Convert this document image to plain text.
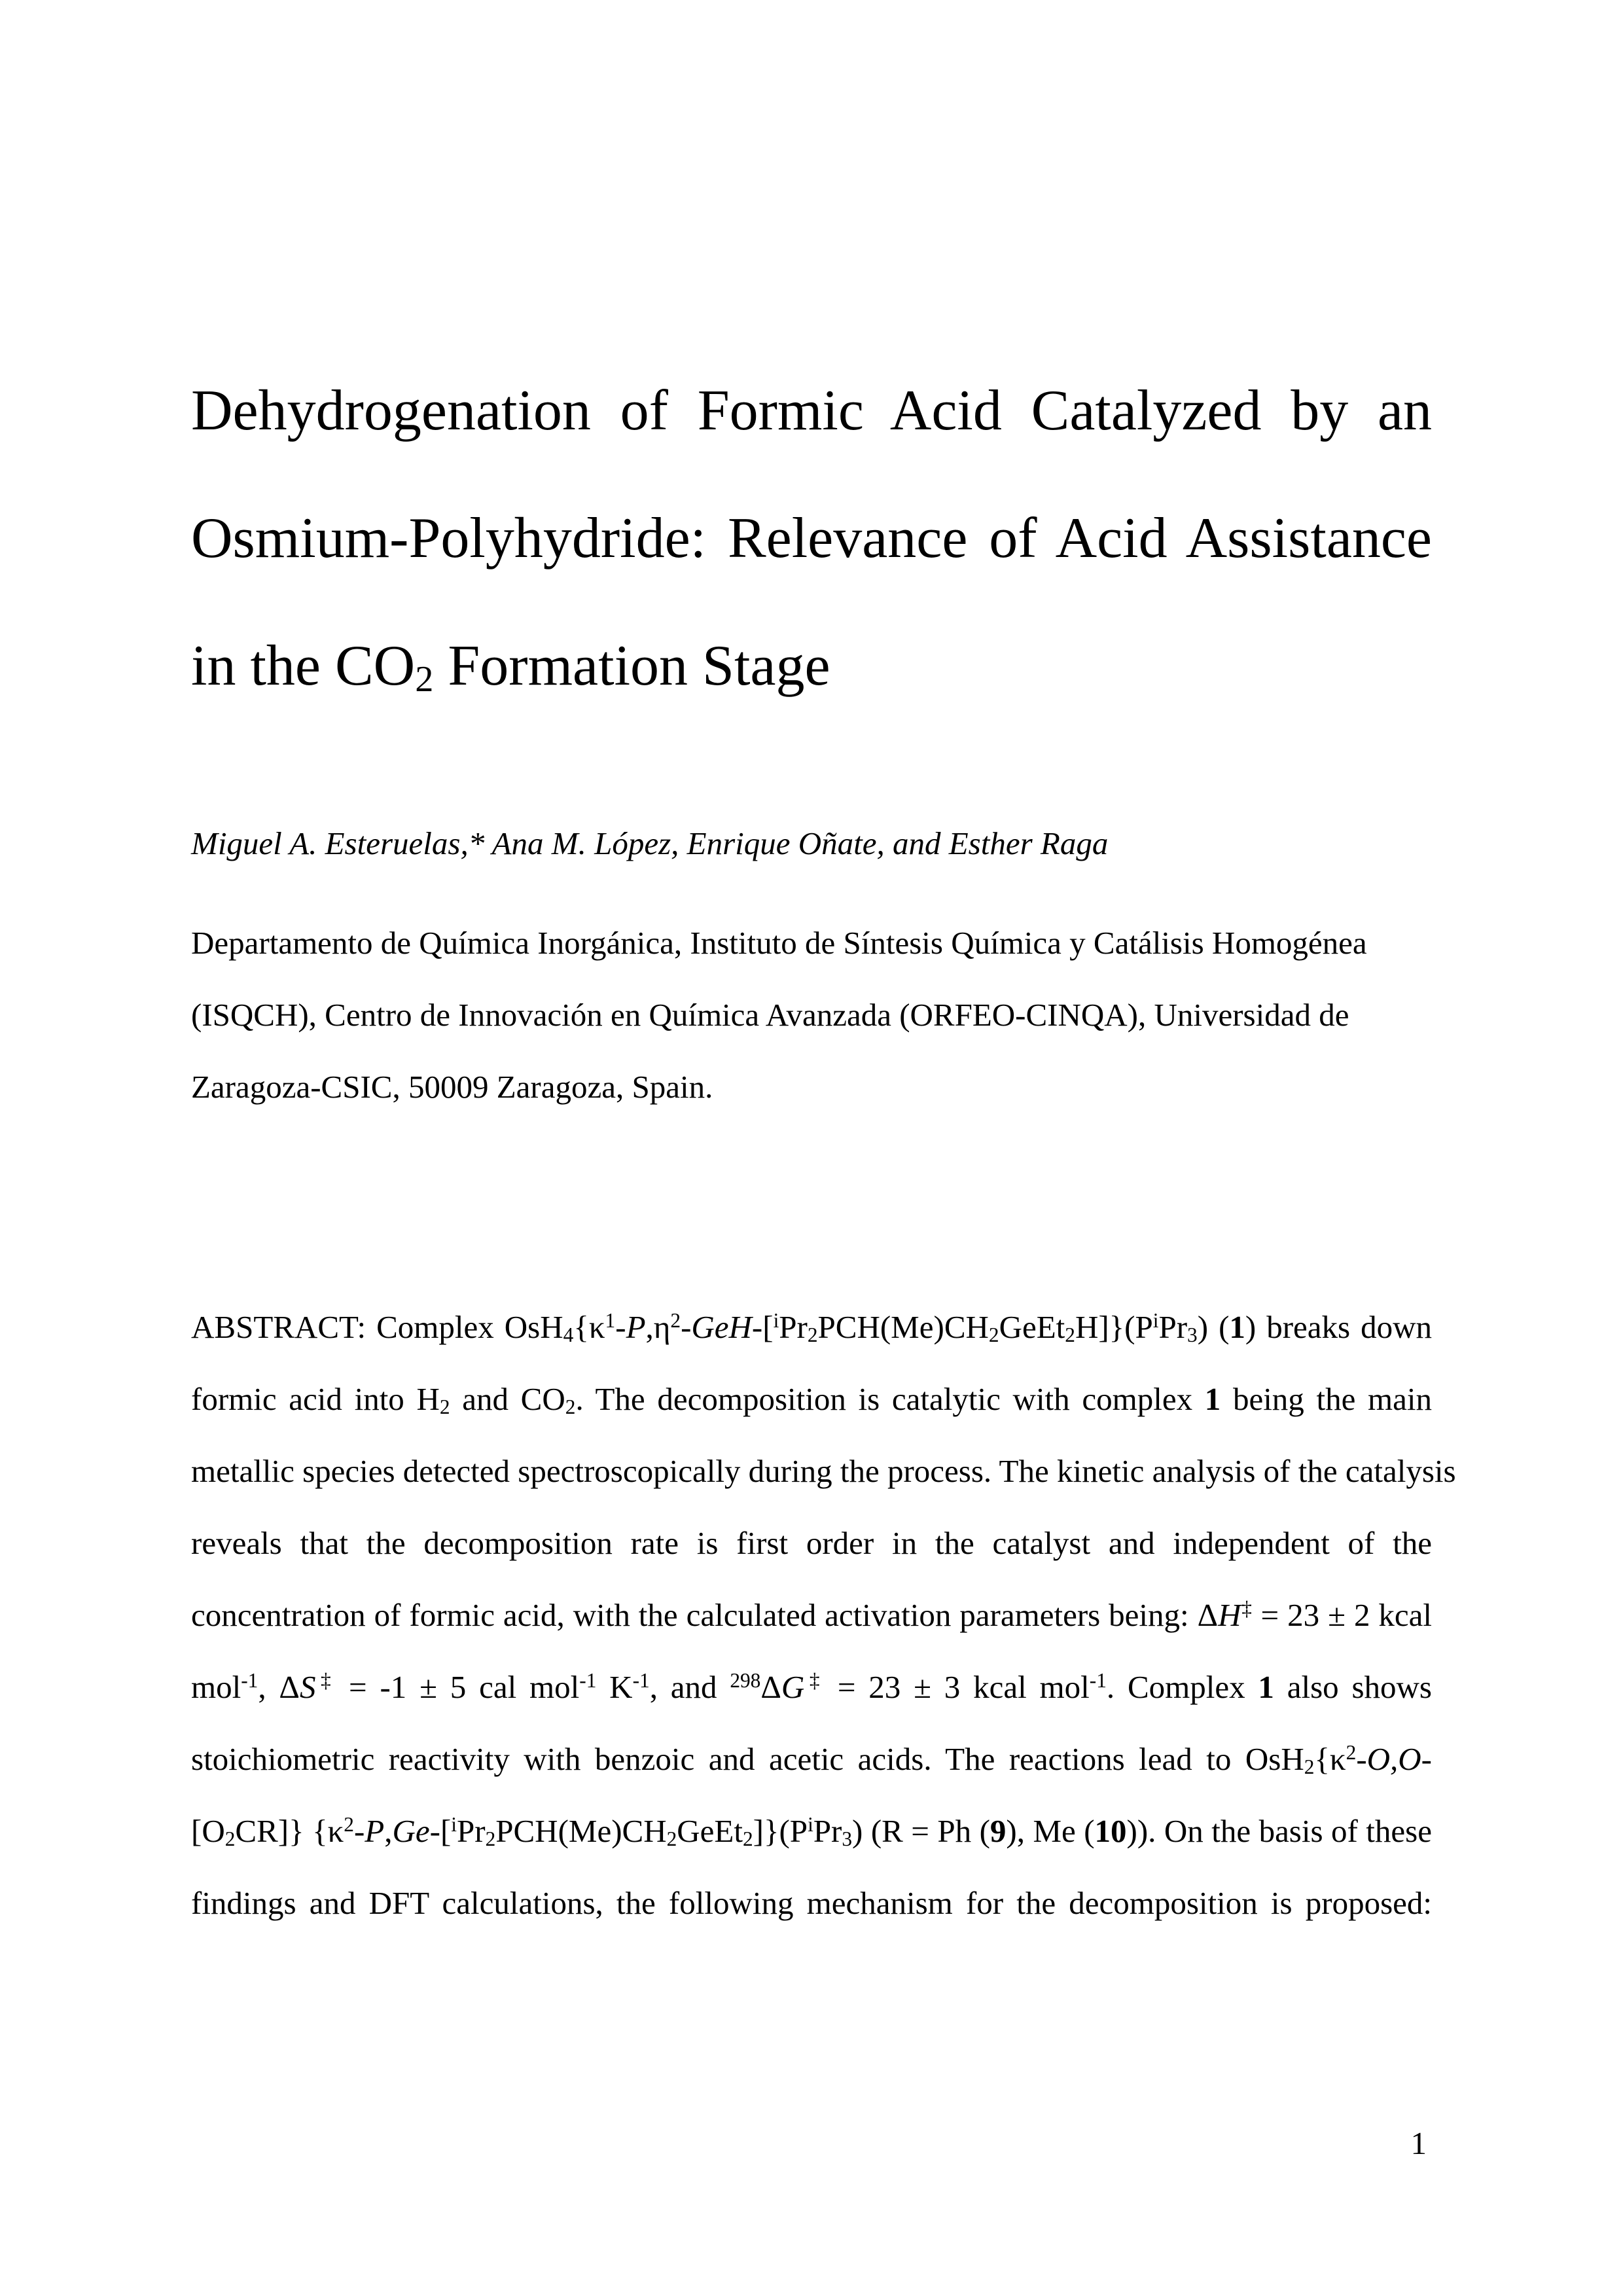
Dehydrogenation of Formic Acid Catalyzed by an
Osmium-Polyhydride: Relevance of Acid Assistance
in the $CO_2$ Formation Stage
Miguel A. Esteruelas,* Ana M. López, Enrique Oñate, and Esther Raga
Departamento de Química Inorgánica, Instituto de Síntesis Química y Catálisis Homogénea
(ISQCH), Centro de Innovación en Química Avanzada (ORFEO-CINQA), Universidad de
Zaragoza-CSIC, 50009 Zaragoza, Spain.
ABSTRACT: Complex $OsH_4\{\kappa^1-P,\eta^2-GeH-[^iPr_2PCH(Me)CH_2GeEt_2H]\}(P^iPr_3)$ (1) breaks down
formic acid into $H_2$ and $CO_2$. The decomposition is catalytic with complex 1 being the main
metallic species detected spectroscopically during the process. The kinetic analysis of the catalysis
reveals that the decomposition rate is first order in the catalyst and independent of the
concentration of formic acid, with the calculated activation parameters being: ΔH‡ = 23 ± 2 kcal
mol$^{-1}$, ΔS‡ = -1 ± 5 cal mol$^{-1}$ $K^{-1}$, and $^{298}$ΔG‡ = 23 ± 3 kcal mol$^{-1}$. Complex 1 also shows
stoichiometric reactivity with benzoic and acetic acids. The reactions lead to $OsH_2\{\kappa^2-O,O-$
$[O_2CR]$} $\{\kappa^2-P,Ge-[^iPr_2PCH(Me)CH_2GeEt_2]\}(P^iPr_3) (R = Ph$ (9), Me (10)). On the basis of these
findings and DFT calculations, the following mechanism for the decomposition is proposed:
1
